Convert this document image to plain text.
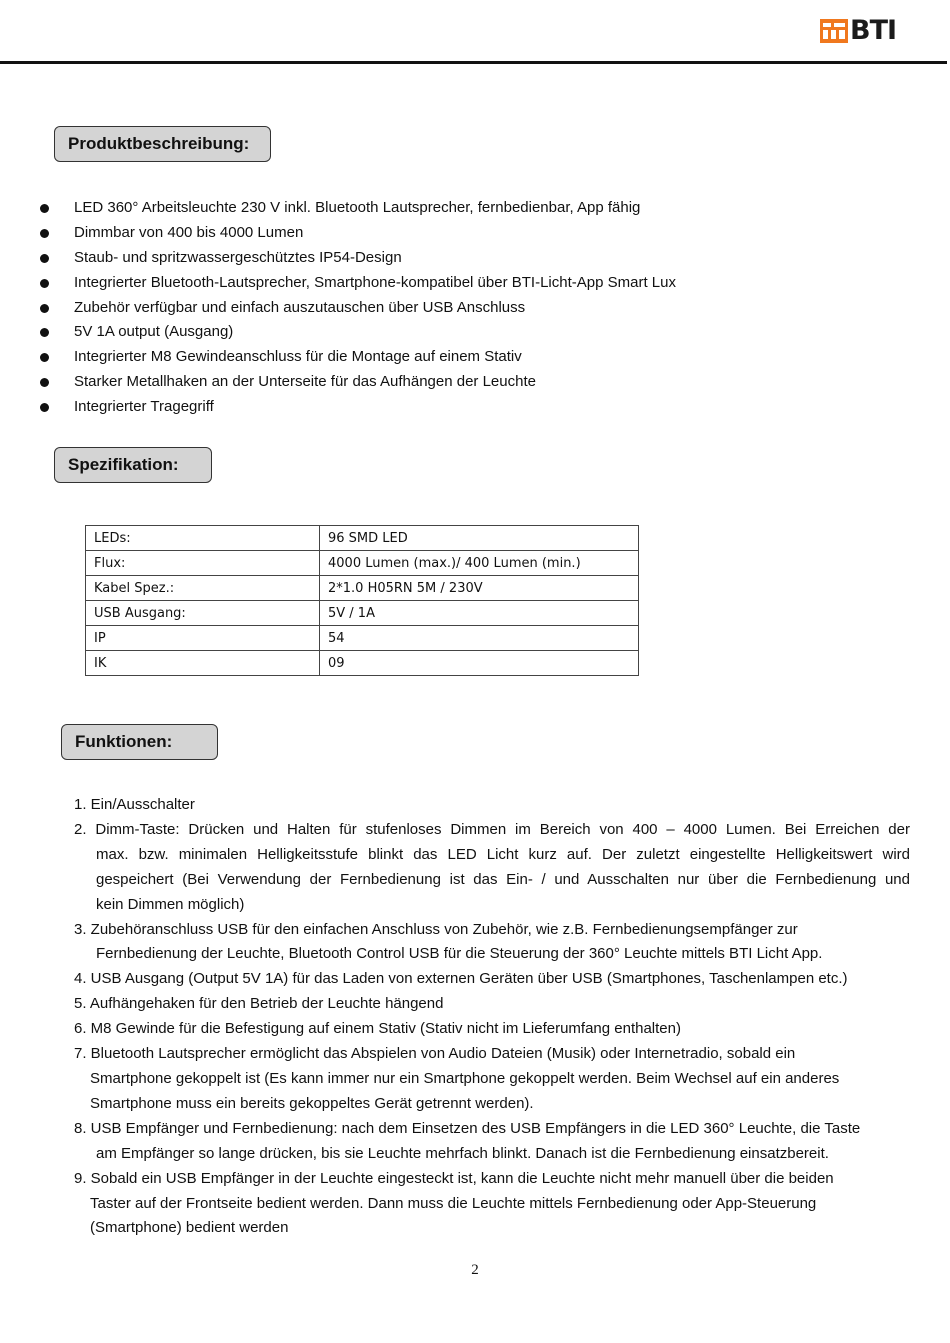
BTI
Produktbeschreibung:
LED 360° Arbeitsleuchte 230 V inkl. Bluetooth Lautsprecher, fernbedienbar, App fähig
Dimmbar von 400 bis 4000 Lumen
Staub- und spritzwassergeschütztes IP54-Design
Integrierter Bluetooth-Lautsprecher, Smartphone-kompatibel über BTI-Licht-App Smart Lux
Zubehör verfügbar und einfach auszutauschen über USB Anschluss
5V 1A output (Ausgang)
Integrierter M8 Gewindeanschluss für die Montage auf einem Stativ
Starker Metallhaken an der Unterseite für das Aufhängen der Leuchte
Integrierter Tragegriff
Spezifikation:
LEDs:	96 SMD LED
Flux:	4000 Lumen (max.)/ 400 Lumen (min.)
Kabel Spez.:	2*1.0 H05RN 5M / 230V
USB Ausgang:	5V / 1A
IP	54
IK	09
Funktionen:
1. Ein/Ausschalter
2. Dimm-Taste: Drücken und Halten für stufenloses Dimmen im Bereich von 400 – 4000 Lumen. Bei Erreichen der
max. bzw. minimalen Helligkeitsstufe blinkt das LED Licht kurz auf. Der zuletzt eingestellte Helligkeitswert wird
gespeichert (Bei Verwendung der Fernbedienung ist das Ein- / und Ausschalten nur über die Fernbedienung und
kein Dimmen möglich)
3. Zubehöranschluss USB für den einfachen Anschluss von Zubehör, wie z.B. Fernbedienungsempfänger zur
Fernbedienung der Leuchte, Bluetooth Control USB für die Steuerung der 360° Leuchte mittels BTI Licht App.
4. USB Ausgang (Output 5V 1A) für das Laden von externen Geräten über USB (Smartphones, Taschenlampen etc.)
5. Aufhängehaken für den Betrieb der Leuchte hängend
6. M8 Gewinde für die Befestigung auf einem Stativ (Stativ nicht im Lieferumfang enthalten)
7. Bluetooth Lautsprecher ermöglicht das Abspielen von Audio Dateien (Musik) oder Internetradio, sobald ein
Smartphone gekoppelt ist (Es kann immer nur ein Smartphone gekoppelt werden. Beim Wechsel auf ein anderes
Smartphone muss ein bereits gekoppeltes Gerät getrennt werden).
8. USB Empfänger und Fernbedienung: nach dem Einsetzen des USB Empfängers in die LED 360° Leuchte, die Taste
am Empfänger so lange drücken, bis sie Leuchte mehrfach blinkt. Danach ist die Fernbedienung einsatzbereit.
9. Sobald ein USB Empfänger in der Leuchte eingesteckt ist, kann die Leuchte nicht mehr manuell über die beiden
Taster auf der Frontseite bedient werden. Dann muss die Leuchte mittels Fernbedienung oder App-Steuerung
(Smartphone) bedient werden
2
